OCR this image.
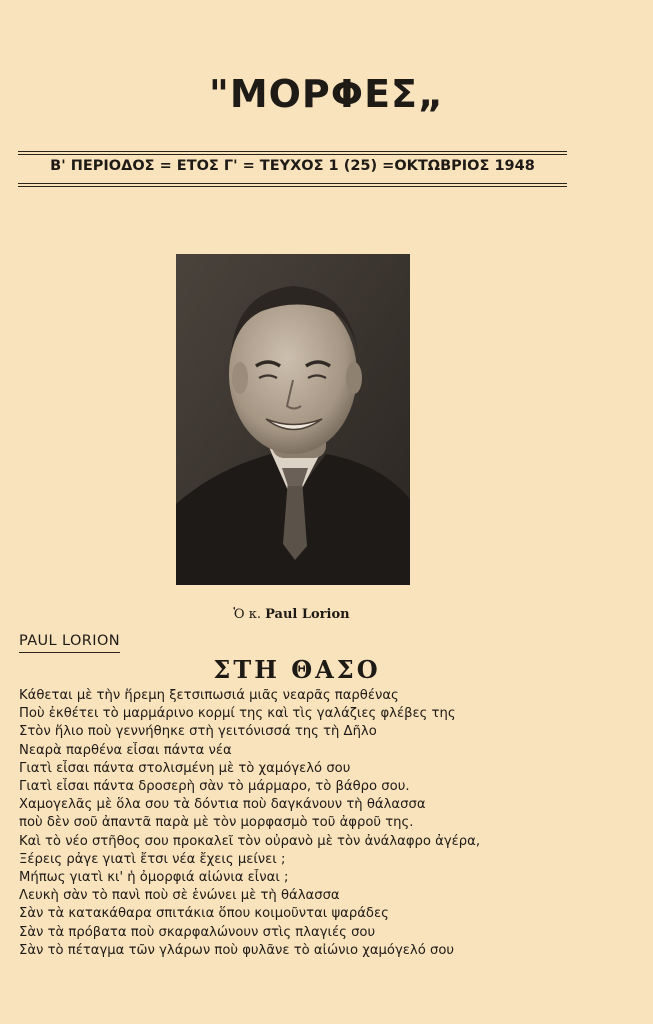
"ΜΟΡΦΕΣ„
Β' ΠΕΡΙΟΔΟΣ = ΕΤΟΣ Γ' = ΤΕΥΧΟΣ 1 (25) =ΟΚΤΩΒΡΙΟΣ 1948
Ὁ κ. Paul Lorion
PAUL LORION
ΣΤΗ ΘΑΣΟ
Κάθεται μὲ τὴν ἥρεμη ξετσιπωσιά μιᾶς νεαρᾶς παρθένας
Ποὺ ἐκθέτει τὸ μαρμάρινο κορμί της καὶ τὶς γαλάζιες φλέβες της
Στὸν ἥλιο ποὺ γεννήθηκε στὴ γειτόνισσά της τὴ Δῆλο
Νεαρὰ παρθένα εἶσαι πάντα νέα
Γιατὶ εἶσαι πάντα στολισμένη μὲ τὸ χαμόγελό σου
Γιατὶ εἶσαι πάντα δροσερὴ σὰν τὸ μάρμαρο, τὸ βάθρο σου.
Χαμογελᾶς μὲ ὅλα σου τὰ δόντια ποὺ δαγκάνουν τὴ θάλασσα
ποὺ δὲν σοῦ ἀπαντᾶ παρὰ μὲ τὸν μορφασμὸ τοῦ ἀφροῦ της.
Καὶ τὸ νέο στῆθος σου προκαλεῖ τὸν οὐρανὸ μὲ τὸν ἀνάλαφρο ἀγέρα,
Ξέρεις ρἀγε γιατὶ ἔτσι νέα ἔχεις μείνει ;
Μήπως γιατὶ κι' ἡ ὀμορφιά αἰώνια εἶναι ;
Λευκὴ σὰν τὸ πανὶ ποὺ σὲ ἑνώνει μὲ τὴ θάλασσα
Σὰν τὰ κατακάθαρα σπιτάκια ὅπου κοιμοῦνται ψαράδες
Σὰν τὰ πρόβατα ποὺ σκαρφαλώνουν στὶς πλαγιές σου
Σὰν τὸ πέταγμα τῶν γλάρων ποὺ φυλᾶνε τὸ αἰώνιο χαμόγελό σου
